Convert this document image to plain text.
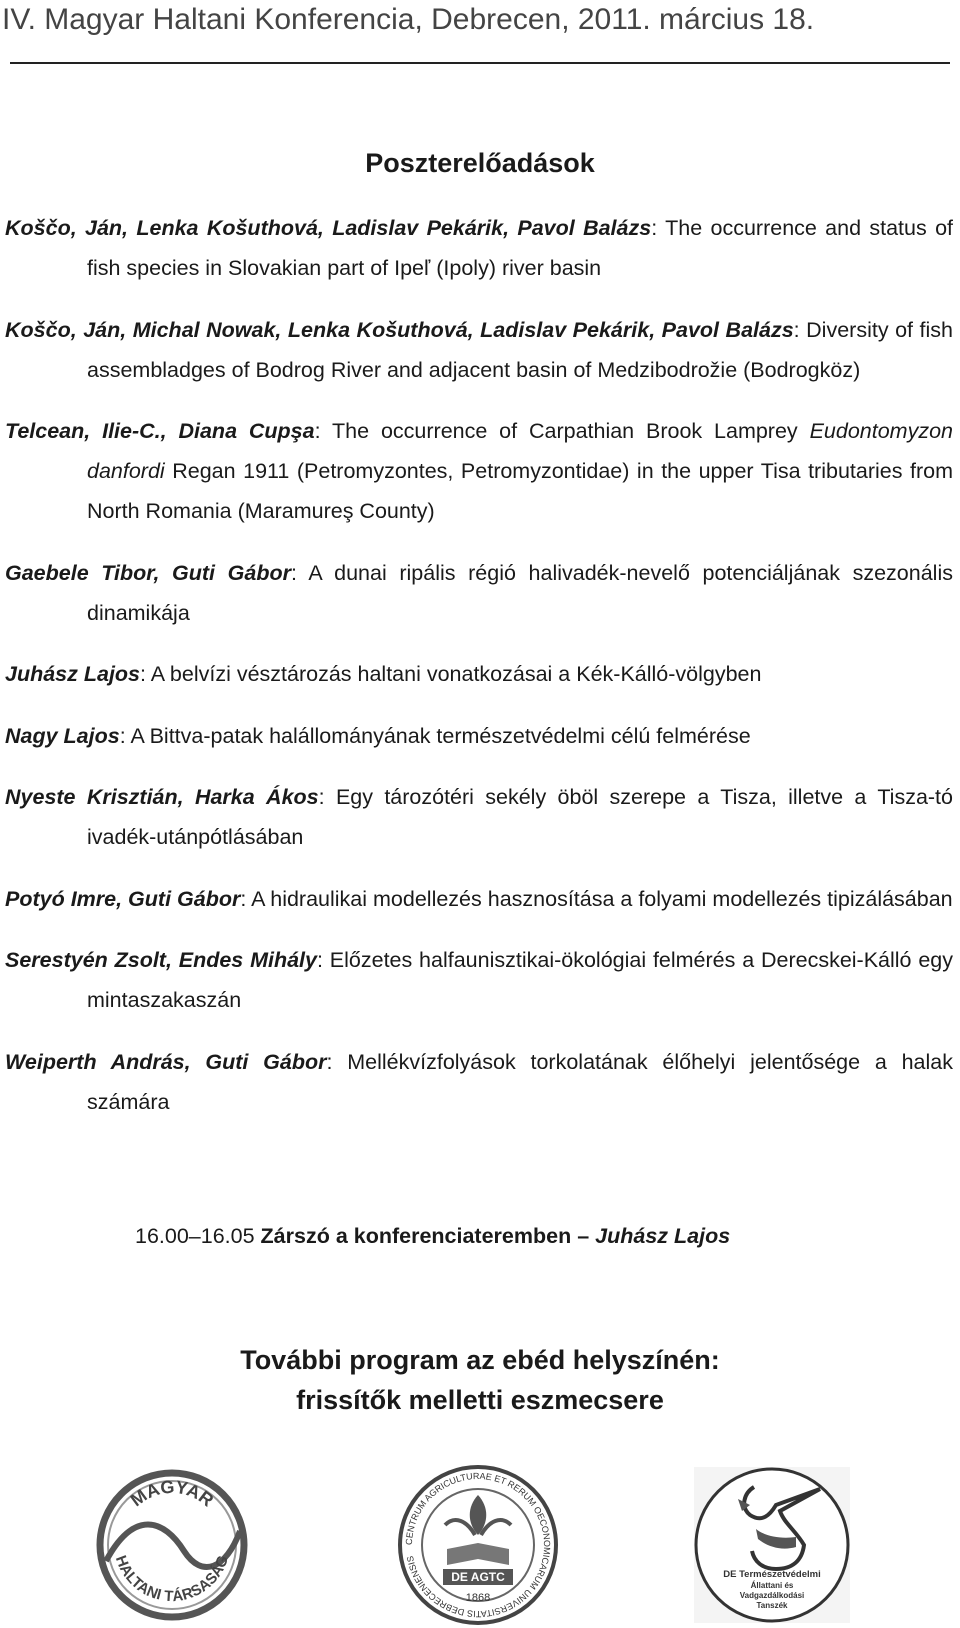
IV. Magyar Haltani Konferencia, Debrecen, 2011. március 18.
Poszterelőadások

Koščo, Ján, Lenka Košuthová, Ladislav Pekárik, Pavol Balázs: The occurrence and status of fish species in Slovakian part of Ipeľ (Ipoly) river basin

Koščo, Ján, Michal Nowak, Lenka Košuthová, Ladislav Pekárik, Pavol Balázs: Diversity of fish assembladges of Bodrog River and adjacent basin of Medzibodrožie (Bodrogköz)

Telcean, Ilie-C., Diana Cupşa: The occurrence of Carpathian Brook Lamprey Eudontomyzon danfordi Regan 1911 (Petromyzontes, Petromyzontidae) in the upper Tisa tributaries from North Romania (Maramureş County)

Gaebele Tibor, Guti Gábor: A dunai ripális régió halivadék-nevelő potenciáljának szezonális dinamikája

Juhász Lajos: A belvízi vésztározás haltani vonatkozásai a Kék-Kálló-völgyben

Nagy Lajos: A Bittva-patak halállományának természetvédelmi célú felmérése

Nyeste Krisztián, Harka Ákos: Egy tározótéri sekély öböl szerepe a Tisza, illetve a Tisza-tó ivadék-utánpótlásában

Potyó Imre, Guti Gábor: A hidraulikai modellezés hasznosítása a folyami modellezés tipizálásában

Serestyén Zsolt, Endes Mihály: Előzetes halfaunisztikai-ökológiai felmérés a Derecskei-Kálló egy mintaszakaszán

Weiperth András, Guti Gábor: Mellékvízfolyások torkolatának élőhelyi jelentősége a halak számára

16.00–16.05 Zárszó a konferenciateremben – Juhász Lajos
További program az ebéd helyszínén:
frissítők melletti eszmecsere
MAGYAR
HALTANI TÁRSASÁG
CENTRUM AGRICULTURAE ET RERUM OECONOMICARUM UNIVERSITATIS DEBRECENIENSIS
DE AGTC
1868
DE Természetvédelmi
Állattani és
Vadgazdálkodási
Tanszék
